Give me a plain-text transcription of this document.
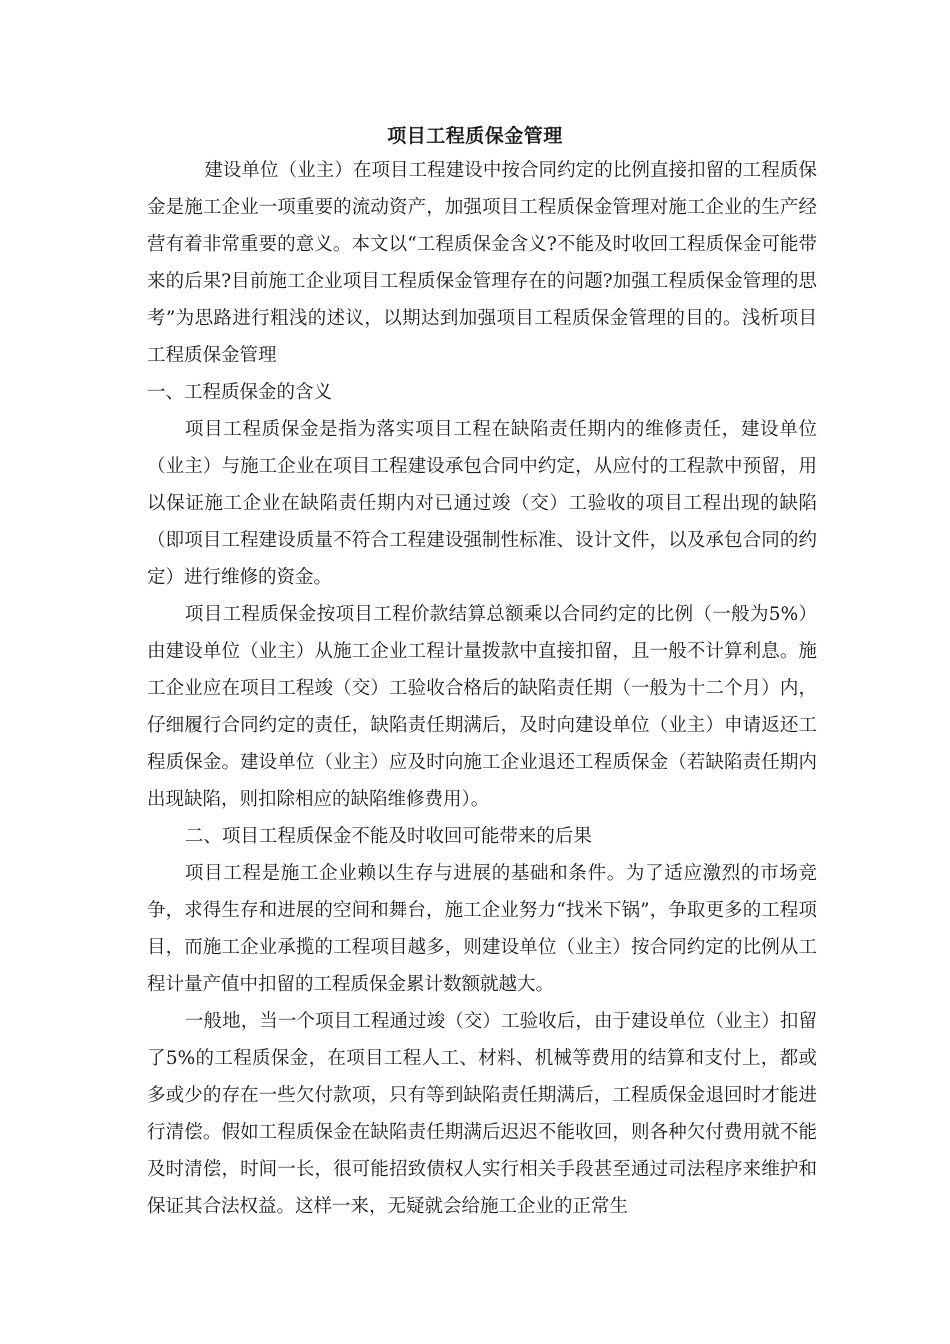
项目工程质保金管理

建设单位（业主）在项目工程建设中按合同约定的比例直接扣留的工程质保金是施工企业一项重要的流动资产，加强项目工程质保金管理对施工企业的生产经营有着非常重要的意义。本文以“工程质保金含义?不能及时收回工程质保金可能带来的后果?目前施工企业项目工程质保金管理存在的问题?加强工程质保金管理的思考”为思路进行粗浅的述议，以期达到加强项目工程质保金管理的目的。浅析项目工程质保金管理

一、工程质保金的含义

项目工程质保金是指为落实项目工程在缺陷责任期内的维修责任，建设单位（业主）与施工企业在项目工程建设承包合同中约定，从应付的工程款中预留，用以保证施工企业在缺陷责任期内对已通过竣（交）工验收的项目工程出现的缺陷（即项目工程建设质量不符合工程建设强制性标准、设计文件，以及承包合同的约定）进行维修的资金。

项目工程质保金按项目工程价款结算总额乘以合同约定的比例（一般为5%）由建设单位（业主）从施工企业工程计量拨款中直接扣留，且一般不计算利息。施工企业应在项目工程竣（交）工验收合格后的缺陷责任期（一般为十二个月）内，仔细履行合同约定的责任，缺陷责任期满后，及时向建设单位（业主）申请返还工程质保金。建设单位（业主）应及时向施工企业退还工程质保金（若缺陷责任期内出现缺陷，则扣除相应的缺陷维修费用）。

二、项目工程质保金不能及时收回可能带来的后果

项目工程是施工企业赖以生存与进展的基础和条件。为了适应激烈的市场竞争，求得生存和进展的空间和舞台，施工企业努力“找米下锅”，争取更多的工程项目，而施工企业承揽的工程项目越多，则建设单位（业主）按合同约定的比例从工程计量产值中扣留的工程质保金累计数额就越大。

一般地，当一个项目工程通过竣（交）工验收后，由于建设单位（业主）扣留了5%的工程质保金，在项目工程人工、材料、机械等费用的结算和支付上，都或多或少的存在一些欠付款项，只有等到缺陷责任期满后，工程质保金退回时才能进行清偿。假如工程质保金在缺陷责任期满后迟迟不能收回，则各种欠付费用就不能及时清偿，时间一长，很可能招致债权人实行相关手段甚至通过司法程序来维护和保证其合法权益。这样一来，无疑就会给施工企业的正常生
